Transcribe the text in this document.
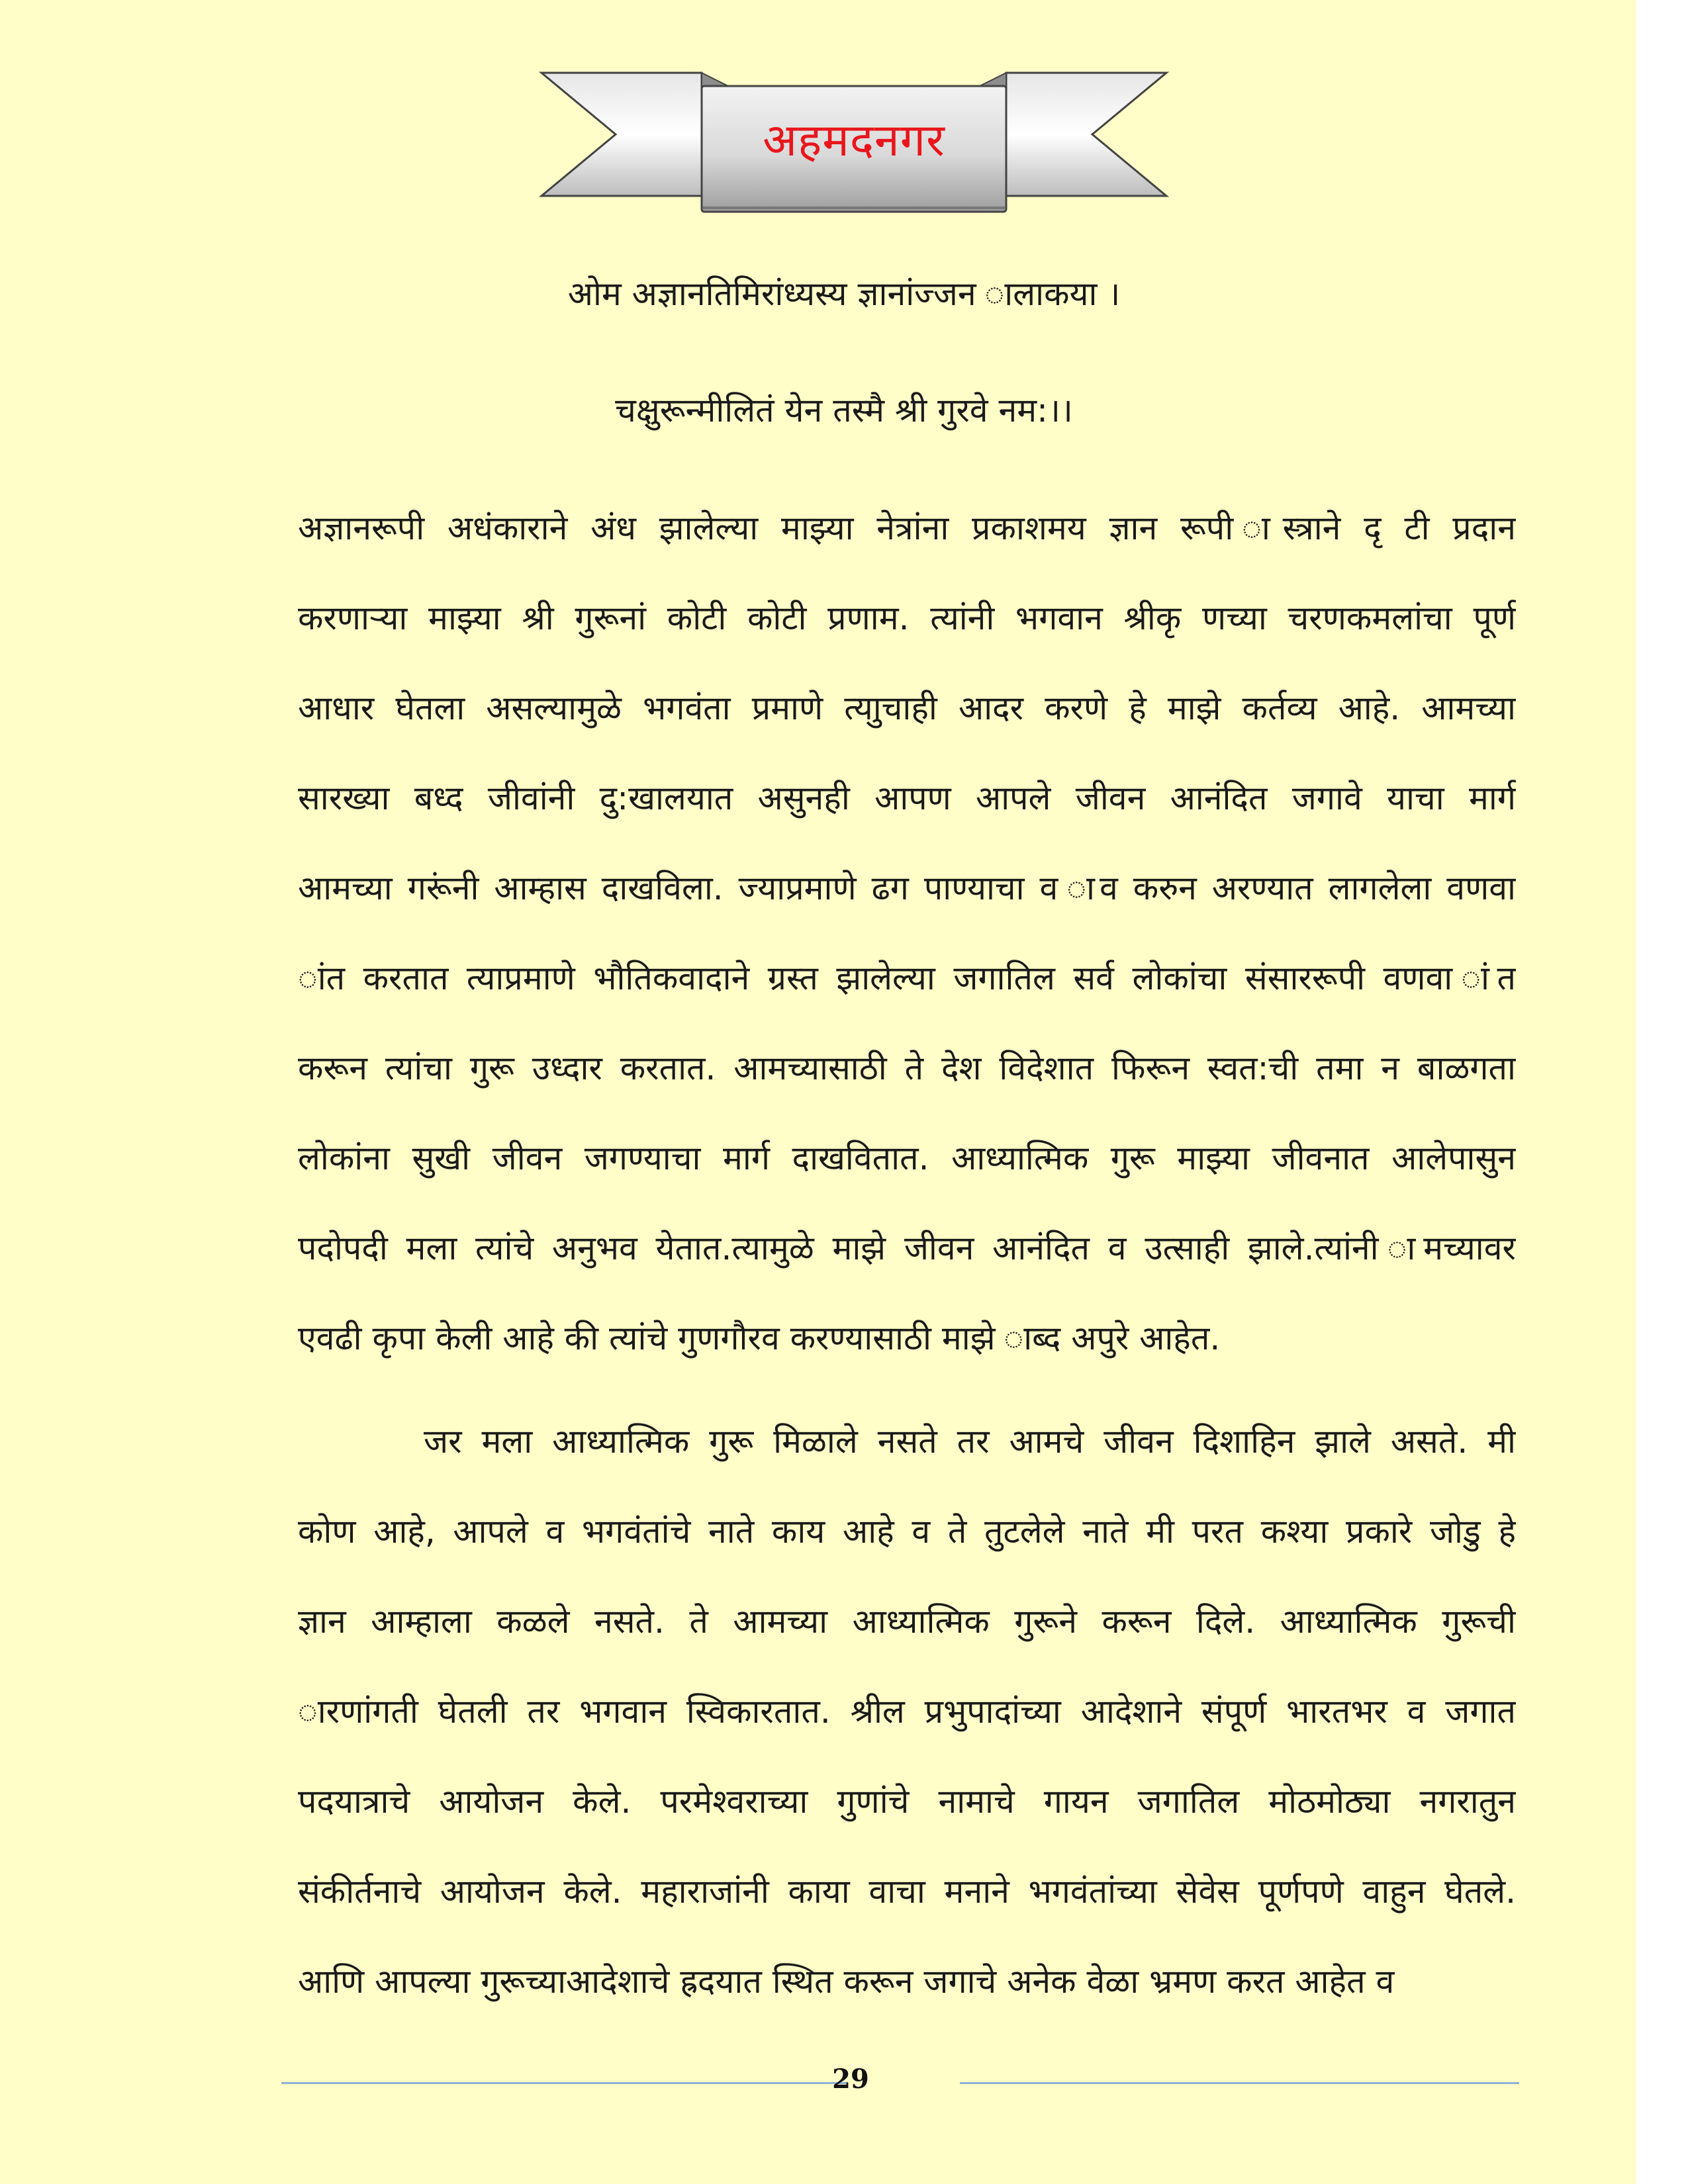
अहमदनगर
ओम अज्ञानतिमिरांध्यस्य ज्ञानांज्जन ालाकया ।
चक्षुरून्मीलितं येन तस्मै श्री गुरवे नम:।।
अज्ञानरूपी अधंकाराने अंध झालेल्या माझ्या नेत्रांना प्रकाशमय ज्ञान रूपी ास्त्राने दृ टी प्रदान
करणाऱ्या माझ्या श्री गुरूनां कोटी कोटी प्रणाम. त्यांनी भगवान श्रीकृ णच्या चरणकमलांचा पूर्ण
आधार घेतला असल्यामुळे भगवंता प्रमाणे त्याुचाही आदर करणे हे माझे कर्तव्य आहे. आमच्या
सारख्या बध्द जीवांनी दु:खालयात असुनही आपण आपले जीवन आनंदित जगावे याचा मार्ग
आमच्या गरूंनी आम्हास दाखविला. ज्याप्रमाणे ढग पाण्याचा व ाव करुन अरण्यात लागलेला वणवा
ांत करतात त्याप्रमाणे भौतिकवादाने ग्रस्त झालेल्या जगातिल सर्व लोकांचा संसाररूपी वणवा ांत
करून त्यांचा गुरू उध्दार करतात. आमच्यासाठी ते देश विदेशात फिरून स्वत:ची तमा न बाळगता
लोकांना सुखी जीवन जगण्याचा मार्ग दाखवितात. आध्यात्मिक गुरू माझ्या जीवनात आलेपासुन
पदोपदी मला त्यांचे अनुभव येतात.त्यामुळे माझे जीवन आनंदित व उत्साही झाले.त्यांनी ामच्यावर
एवढी कृपा केली आहे की त्यांचे गुणगौरव करण्यासाठी माझे ाब्द अपुरे आहेत.
जर मला आध्यात्मिक गुरू मिळाले नसते तर आमचे जीवन दिशाहिन झाले असते. मी
कोण आहे, आपले व भगवंतांचे नाते काय आहे व ते तुटलेले नाते मी परत कश्या प्रकारे जोडु हे
ज्ञान आम्हाला कळले नसते. ते आमच्या आध्यात्मिक गुरूने करून दिले. आध्यात्मिक गुरूची
ारणांगती घेतली तर भगवान स्विकारतात. श्रील प्रभुपादांच्या आदेशाने संपूर्ण भारतभर व जगात
पदयात्राचे आयोजन केले. परमेश्वराच्या गुणांचे नामाचे गायन जगातिल मोठमोठ्या नगरातुन
संकीर्तनाचे आयोजन केले. महाराजांनी काया वाचा मनाने भगवंतांच्या सेवेस पूर्णपणे वाहुन घेतले.
आणि आपल्या गुरूच्याआदेशाचे ह्रदयात स्थित करून जगाचे अनेक वेळा भ्रमण करत आहेत व
29
